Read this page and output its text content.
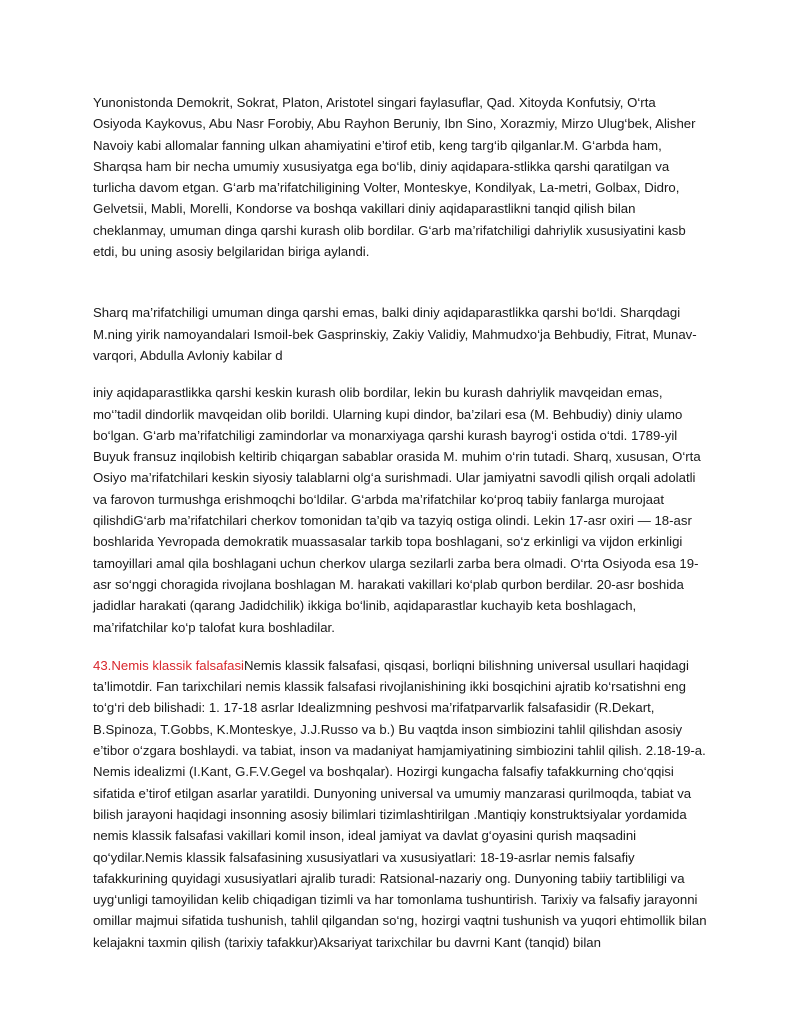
Yunonistonda Demokrit, Sokrat, Platon, Aristotel singari faylasuflar, Qad. Xitoyda Konfutsiy, O‘rta Osiyoda Kaykovus, Abu Nasr Forobiy, Abu Rayhon Beruniy, Ibn Sino, Xorazmiy, Mirzo Ulug‘bek, Alisher Navoiy kabi allomalar fanning ulkan ahamiyatini e’tirof etib, keng targ‘ib qilganlar.M. G‘arbda ham, Sharqsa ham bir necha umumiy xususiyatga ega bo‘lib, diniy aqidapara-stlikka qarshi qaratilgan va turlicha davom etgan. G‘arb ma’rifatchiligining Volter, Monteskye, Kondilyak, La-metri, Golbax, Didro, Gelvetsii, Mabli, Morelli, Kondorse va boshqa vakillari diniy aqidaparastlikni tanqid qilish bilan cheklanmay, umuman dinga qarshi kurash olib bordilar. G‘arb ma’rifatchiligi dahriylik xususiyatini kasb etdi, bu uning asosiy belgilaridan biriga aylandi.

Sharq ma’rifatchiligi umuman dinga qarshi emas, balki diniy aqidaparastlikka qarshi bo‘ldi. Sharqdagi M.ning yirik namoyandalari Ismoil-bek Gasprinskiy, Zakiy Validiy, Mahmudxo‘ja Behbudiy, Fitrat, Munav-varqori, Abdulla Avloniy kabilar d

iniy aqidaparastlikka qarshi keskin kurash olib bordilar, lekin bu kurash dahriylik mavqeidan emas, mo‘’tadil dindorlik mavqeidan olib borildi. Ularning kupi dindor, ba’zilari esa (M. Behbudiy) diniy ulamo bo‘lgan. G‘arb ma’rifatchiligi zamindorlar va monarxiyaga qarshi kurash bayrog‘i ostida o‘tdi. 1789-yil Buyuk fransuz inqilobish keltirib chiqargan sabablar orasida M. muhim o‘rin tutadi. Sharq, xususan, O‘rta Osiyo ma’rifatchilari keskin siyosiy talablarni olg‘a surishmadi. Ular jamiyatni savodli qilish orqali adolatli va farovon turmushga erishmoqchi bo‘ldilar. G‘arbda ma’rifatchilar ko‘proq tabiiy fanlarga murojaat qilishdiG‘arb ma’rifatchilari cherkov tomonidan ta’qib va tazyiq ostiga olindi. Lekin 17-asr oxiri — 18-asr boshlarida Yevropada demokratik muassasalar tarkib topa boshlagani, so‘z erkinligi va vijdon erkinligi tamoyillari amal qila boshlagani uchun cherkov ularga sezilarli zarba bera olmadi. O‘rta Osiyoda esa 19-asr so‘nggi choragida rivojlana boshlagan M. harakati vakillari ko‘plab qurbon berdilar. 20-asr boshida jadidlar harakati (qarang Jadidchilik) ikkiga bo‘linib, aqidaparastlar kuchayib keta boshlagach, ma’rifatchilar ko‘p talofat kura boshladilar.

43.Nemis klassik falsafasiNemis klassik falsafasi, qisqasi, borliqni bilishning universal usullari haqidagi ta’limotdir. Fan tarixchilari nemis klassik falsafasi rivojlanishining ikki bosqichini ajratib ko‘rsatishni eng to‘g‘ri deb bilishadi: 1. 17-18 asrlar Idealizmning peshvosi ma’rifatparvarlik falsafasidir (R.Dekart, B.Spinoza, T.Gobbs, K.Monteskye, J.J.Russo va b.) Bu vaqtda inson simbiozini tahlil qilishdan asosiy e’tibor o‘zgara boshlaydi. va tabiat, inson va madaniyat hamjamiyatining simbiozini tahlil qilish. 2.18-19-a. Nemis idealizmi (I.Kant, G.F.V.Gegel va boshqalar). Hozirgi kungacha falsafiy tafakkurning cho‘qqisi sifatida e’tirof etilgan asarlar yaratildi. Dunyoning universal va umumiy manzarasi qurilmoqda, tabiat va bilish jarayoni haqidagi insonning asosiy bilimlari tizimlashtirilgan .Mantiqiy konstruktsiyalar yordamida nemis klassik falsafasi vakillari komil inson, ideal jamiyat va davlat g‘oyasini qurish maqsadini qo‘ydilar.Nemis klassik falsafasining xususiyatlari va xususiyatlari: 18-19-asrlar nemis falsafiy tafakkurining quyidagi xususiyatlari ajralib turadi: Ratsional-nazariy ong. Dunyoning tabiiy tartibliligi va uyg‘unligi tamoyilidan kelib chiqadigan tizimli va har tomonlama tushuntirish. Tarixiy va falsafiy jarayonni omillar majmui sifatida tushunish, tahlil qilgandan so‘ng, hozirgi vaqtni tushunish va yuqori ehtimollik bilan kelajakni taxmin qilish (tarixiy tafakkur)Aksariyat tarixchilar bu davrni Kant (tanqid) bilan
